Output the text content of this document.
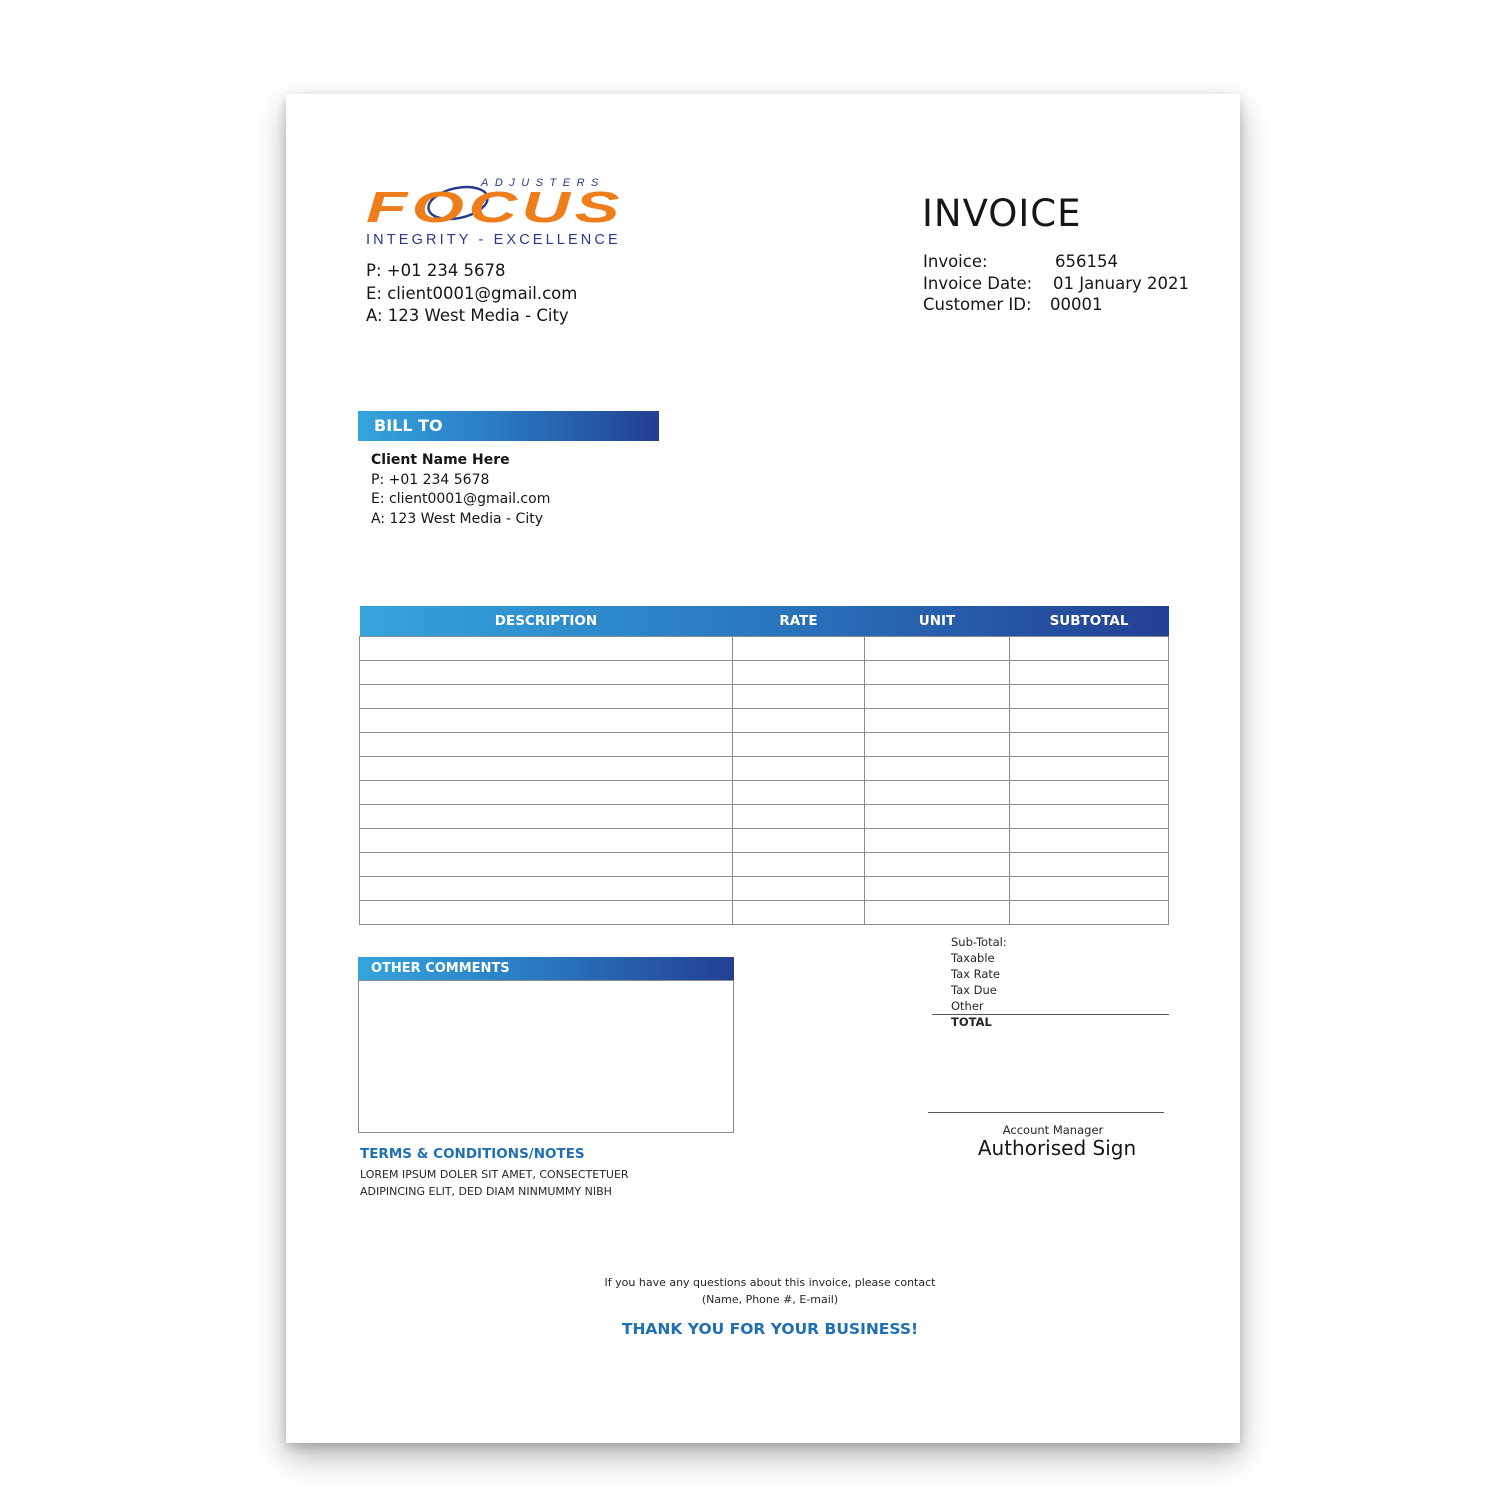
ADJUSTERS
FOCUS
INTEGRITY - EXCELLENCE
P: +01 234 5678
E: client0001@gmail.com
A: 123 West Media - City
INVOICE
Invoice:	656154
Invoice Date: 01 January 2021
Customer ID: 00001
BILL TO
Client Name Here
P: +01 234 5678
E: client0001@gmail.com
A: 123 West Media - City
DESCRIPTION	RATE	UNIT	SUBTOTAL

OTHER COMMENTS
TERMS & CONDITIONS/NOTES
LOREM IPSUM DOLER SIT AMET, CONSECTETUER
ADIPINCING ELIT, DED DIAM NINMUMMY NIBH
Sub-Total:
Taxable
Tax Rate
Tax Due
Other
TOTAL
Account Manager
Authorised Sign
If you have any questions about this invoice, please contact
(Name, Phone #, E-mail)
THANK YOU FOR YOUR BUSINESS!
